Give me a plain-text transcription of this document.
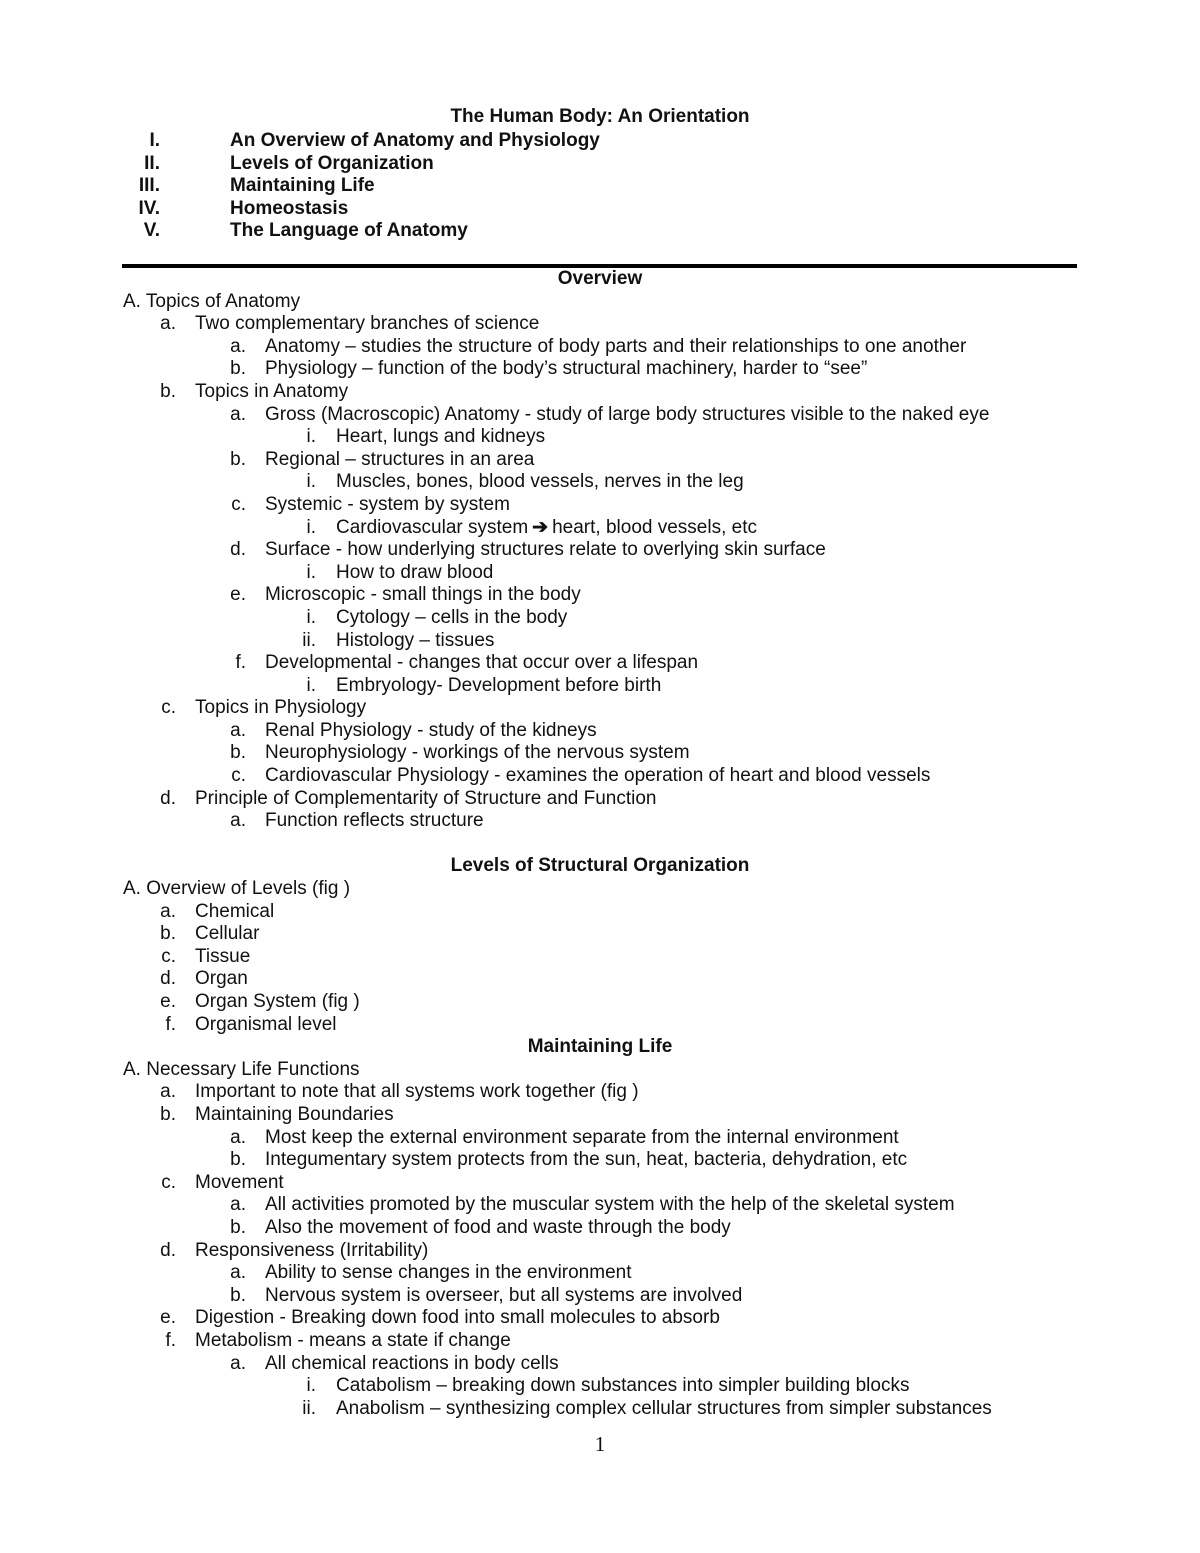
The Human Body: An Orientation
I.	An Overview of Anatomy and Physiology
II.	Levels of Organization
III.	Maintaining Life
IV.	Homeostasis
V.	The Language of Anatomy
Overview
A. Topics of Anatomy
a. Two complementary branches of science
a. Anatomy – studies the structure of body parts and their relationships to one another
b. Physiology – function of the body’s structural machinery, harder to “see”
b. Topics in Anatomy
a. Gross (Macroscopic) Anatomy - study of large body structures visible to the naked eye
i. Heart, lungs and kidneys
b. Regional – structures in an area
i. Muscles, bones, blood vessels, nerves in the leg
c. Systemic - system by system
i. Cardiovascular system ➔ heart, blood vessels, etc
d. Surface - how underlying structures relate to overlying skin surface
i. How to draw blood
e. Microscopic - small things in the body
i. Cytology – cells in the body
ii. Histology – tissues
f. Developmental - changes that occur over a lifespan
i. Embryology- Development before birth
c. Topics in Physiology
a. Renal Physiology - study of the kidneys
b. Neurophysiology - workings of the nervous system
c. Cardiovascular Physiology - examines the operation of heart and blood vessels
d. Principle of Complementarity of Structure and Function
a. Function reflects structure
Levels of Structural Organization
A. Overview of Levels (fig )
a. Chemical
b. Cellular
c. Tissue
d. Organ
e. Organ System (fig )
f. Organismal level
Maintaining Life
A. Necessary Life Functions
a. Important to note that all systems work together (fig )
b. Maintaining Boundaries
a. Most keep the external environment separate from the internal environment
b. Integumentary system protects from the sun, heat, bacteria, dehydration, etc
c. Movement
a. All activities promoted by the muscular system with the help of the skeletal system
b. Also the movement of food and waste through the body
d. Responsiveness (Irritability)
a. Ability to sense changes in the environment
b. Nervous system is overseer, but all systems are involved
e. Digestion - Breaking down food into small molecules to absorb
f. Metabolism - means a state if change
a. All chemical reactions in body cells
i. Catabolism – breaking down substances into simpler building blocks
ii. Anabolism – synthesizing complex cellular structures from simpler substances
1
